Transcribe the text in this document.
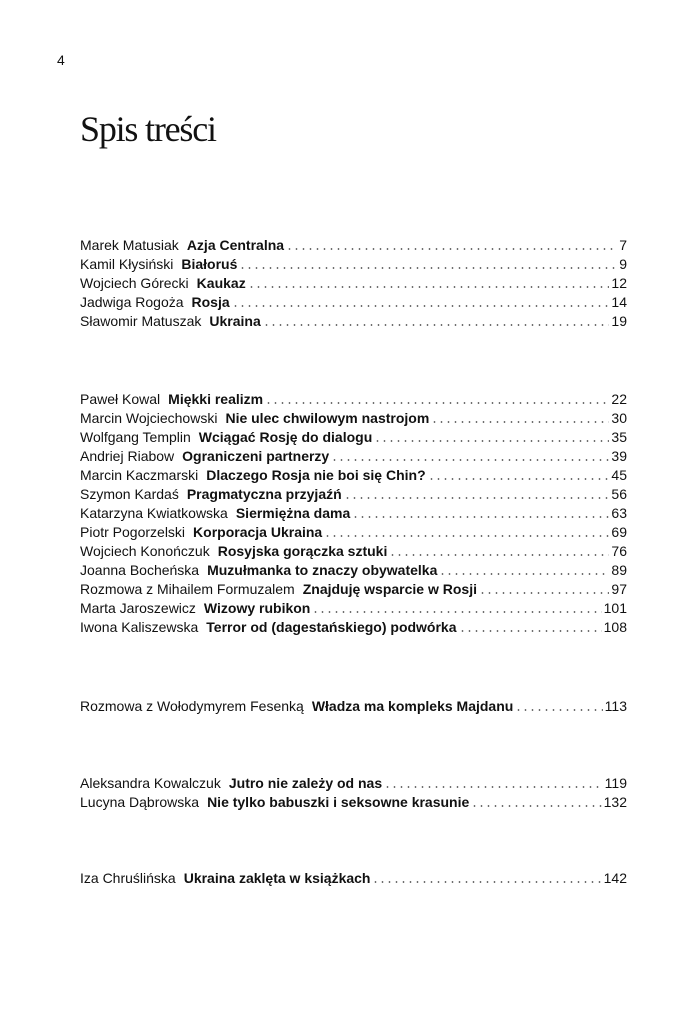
4
Spis treści
Marek Matusiak Azja Centralna	7
Kamil Kłysiński Białoruś	9
Wojciech Górecki Kaukaz	12
Jadwiga Rogoża Rosja	14
Sławomir Matuszak Ukraina	19
Paweł Kowal Miękki realizm	22
Marcin Wojciechowski Nie ulec chwilowym nastrojom	30
Wolfgang Templin Wciągać Rosję do dialogu	35
Andriej Riabow Ograniczeni partnerzy	39
Marcin Kaczmarski Dlaczego Rosja nie boi się Chin?	45
Szymon Kardaś Pragmatyczna przyjaźń	56
Katarzyna Kwiatkowska Siermiężna dama	63
Piotr Pogorzelski Korporacja Ukraina	69
Wojciech Konończuk Rosyjska gorączka sztuki	76
Joanna Bocheńska Muzułmanka to znaczy obywatelka	89
Rozmowa z Mihailem Formuzalem Znajduję wsparcie w Rosji	97
Marta Jaroszewicz Wizowy rubikon	101
Iwona Kaliszewska Terror od (dagestańskiego) podwórka	108
Rozmowa z Wołodymyrem Fesenką Władza ma kompleks Majdanu	113
Aleksandra Kowalczuk Jutro nie zależy od nas	119
Lucyna Dąbrowska Nie tylko babuszki i seksowne krasunie	132
Iza Chruślińska Ukraina zaklęta w książkach	142
